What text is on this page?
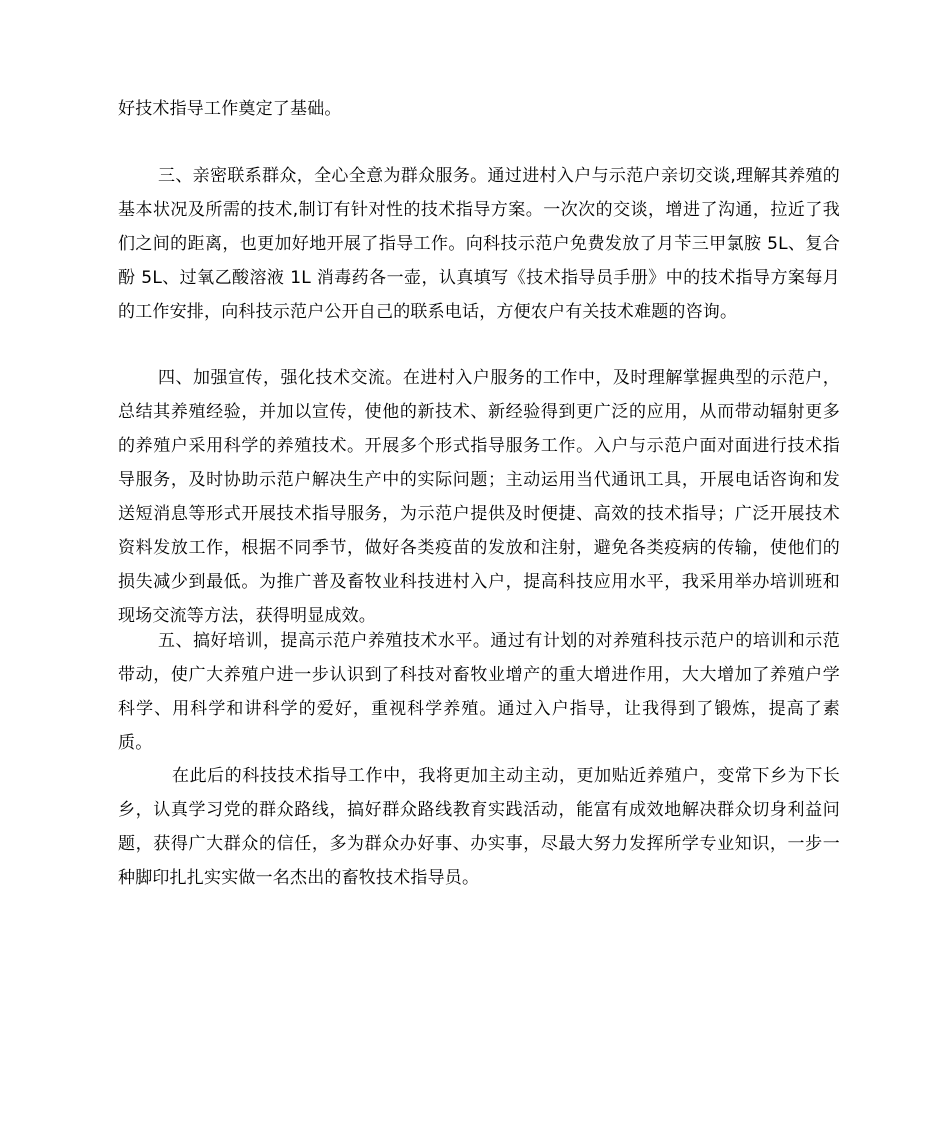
好技术指导工作奠定了基础。

三、亲密联系群众，全心全意为群众服务。通过进村入户与示范户亲切交谈,理解其养殖的基本状况及所需的技术,制订有针对性的技术指导方案。一次次的交谈，增进了沟通，拉近了我们之间的距离，也更加好地开展了指导工作。向科技示范户免费发放了月苄三甲氯胺 5L、复合酚 5L、过氧乙酸溶液 1L 消毒药各一壶，认真填写《技术指导员手册》中的技术指导方案每月的工作安排，向科技示范户公开自己的联系电话，方便农户有关技术难题的咨询。

四、加强宣传，强化技术交流。在进村入户服务的工作中，及时理解掌握典型的示范户，总结其养殖经验，并加以宣传，使他的新技术、新经验得到更广泛的应用，从而带动辐射更多的养殖户采用科学的养殖技术。开展多个形式指导服务工作。入户与示范户面对面进行技术指导服务，及时协助示范户解决生产中的实际问题；主动运用当代通讯工具，开展电话咨询和发送短消息等形式开展技术指导服务，为示范户提供及时便捷、高效的技术指导；广泛开展技术资料发放工作，根据不同季节，做好各类疫苗的发放和注射，避免各类疫病的传输，使他们的损失减少到最低。为推广普及畜牧业科技进村入户，提高科技应用水平，我采用举办培训班和现场交流等方法，获得明显成效。

五、搞好培训，提高示范户养殖技术水平。通过有计划的对养殖科技示范户的培训和示范带动，使广大养殖户进一步认识到了科技对畜牧业增产的重大增进作用，大大增加了养殖户学科学、用科学和讲科学的爱好，重视科学养殖。通过入户指导，让我得到了锻炼，提高了素质。

在此后的科技技术指导工作中，我将更加主动主动，更加贴近养殖户，变常下乡为下长乡，认真学习党的群众路线，搞好群众路线教育实践活动，能富有成效地解决群众切身利益问题，获得广大群众的信任，多为群众办好事、办实事，尽最大努力发挥所学专业知识，一步一种脚印扎扎实实做一名杰出的畜牧技术指导员。
